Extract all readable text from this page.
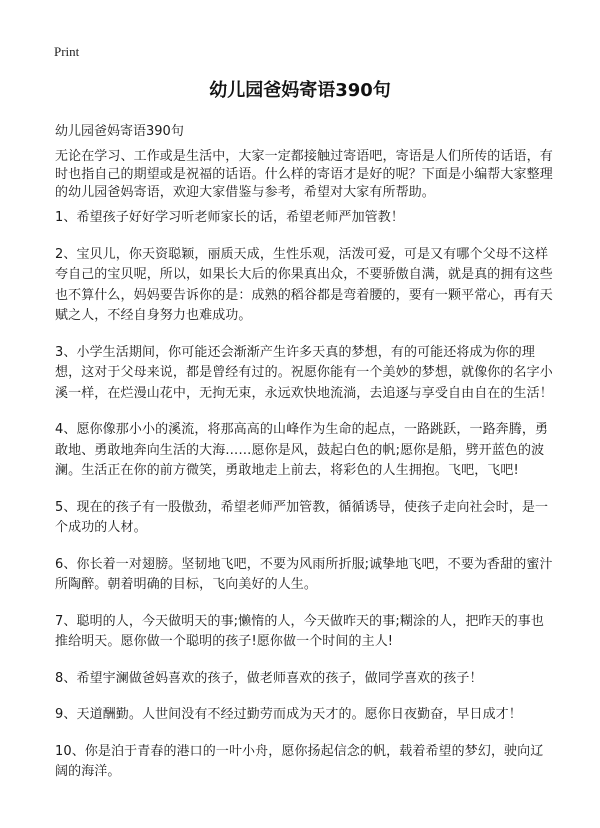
Print
幼儿园爸妈寄语390句

幼儿园爸妈寄语390句

无论在学习、工作或是生活中，大家一定都接触过寄语吧，寄语是人们所传的话语，有时也指自己的期望或是祝福的话语。什么样的寄语才是好的呢？下面是小编帮大家整理的幼儿园爸妈寄语，欢迎大家借鉴与参考，希望对大家有所帮助。

1、希望孩子好好学习听老师家长的话，希望老师严加管教！
2、宝贝儿，你天资聪颖，丽质天成，生性乐观，活泼可爱，可是又有哪个父母不这样夸自己的宝贝呢，所以，如果长大后的你果真出众，不要骄傲自满，就是真的拥有这些也不算什么，妈妈要告诉你的是：成熟的稻谷都是弯着腰的，要有一颗平常心，再有天赋之人，不经自身努力也难成功。
3、小学生活期间，你可能还会渐渐产生许多天真的梦想，有的可能还将成为你的理想，这对于父母来说，都是曾经有过的。祝愿你能有一个美妙的梦想，就像你的名字小溪一样，在烂漫山花中，无拘无束，永远欢快地流淌，去追逐与享受自由自在的生活！
4、愿你像那小小的溪流，将那高高的山峰作为生命的起点，一路跳跃，一路奔腾，勇敢地、勇敢地奔向生活的大海……愿你是风，鼓起白色的帆;愿你是船，劈开蓝色的波澜。生活正在你的前方微笑，勇敢地走上前去，将彩色的人生拥抱。飞吧，飞吧!
5、现在的孩子有一股傲劲，希望老师严加管教，循循诱导，使孩子走向社会时，是一个成功的人材。
6、你长着一对翅膀。坚韧地飞吧，不要为风雨所折服;诚挚地飞吧，不要为香甜的蜜汁所陶醉。朝着明确的目标，飞向美好的人生。
7、聪明的人，今天做明天的事;懒惰的人，今天做昨天的事;糊涂的人，把昨天的事也推给明天。愿你做一个聪明的孩子!愿你做一个时间的主人!
8、希望宇澜做爸妈喜欢的孩子，做老师喜欢的孩子，做同学喜欢的孩子！
9、天道酬勤。人世间没有不经过勤劳而成为天才的。愿你日夜勤奋，早日成才！
10、你是泊于青春的港口的一叶小舟，愿你扬起信念的帆，载着希望的梦幻，驶向辽阔的海洋。
